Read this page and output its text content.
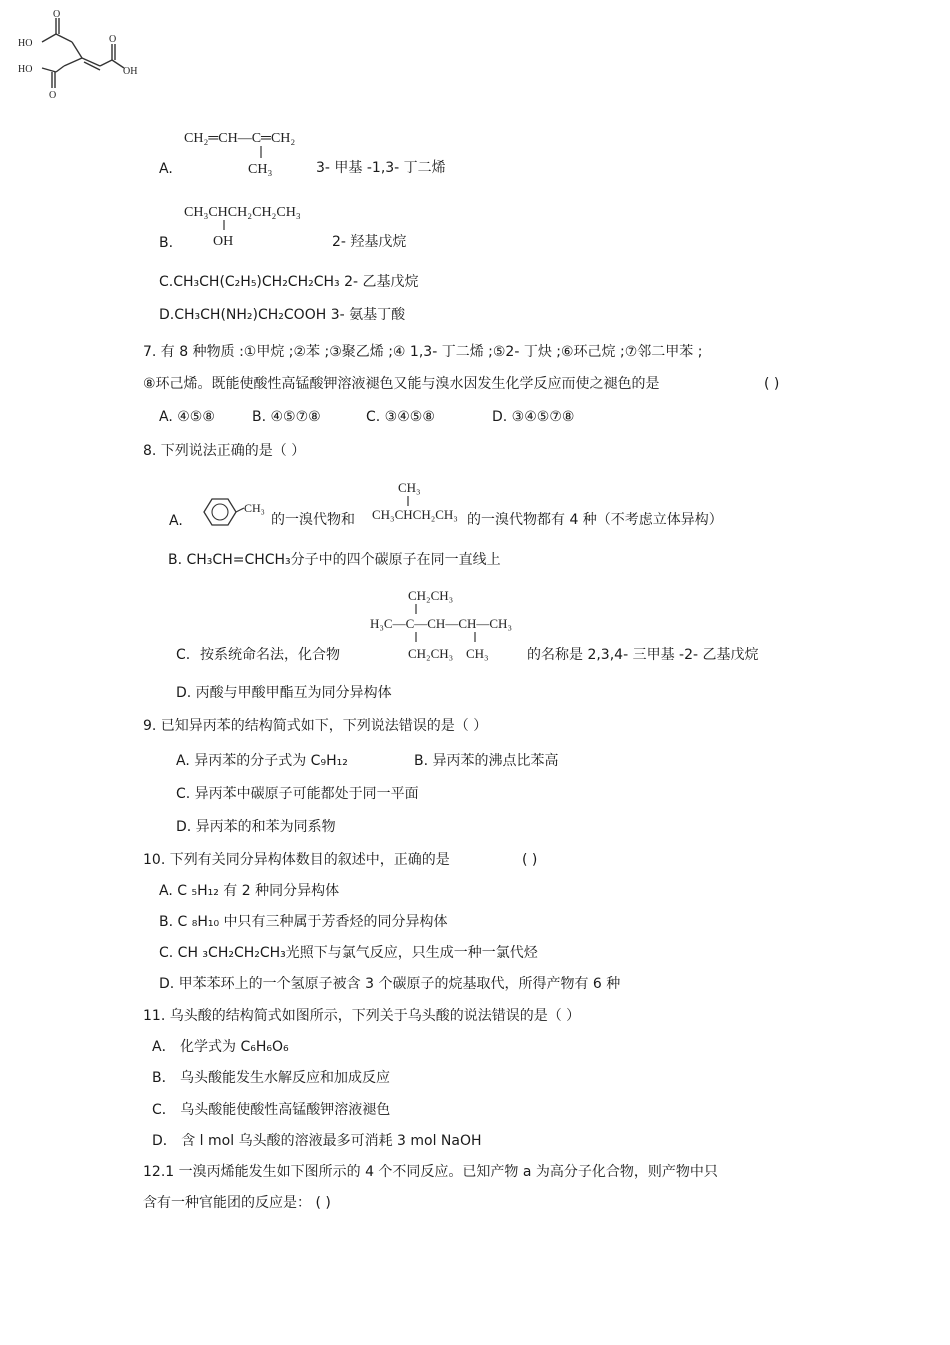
HO
O
HO
O
OH
O
CH₂═CH—C═CH₂
CH₃
A.	3- 甲基 -1,3- 丁二烯
CH₃CHCH₂CH₂CH₃
OH
B.	2- 羟基戊烷
C.CH₃CH(C₂H₅)CH₂CH₂CH₃ 2- 乙基戊烷
D.CH₃CH(NH₂)CH₂COOH 3- 氨基丁酸
7. 有 8 种物质 :①甲烷 ;②苯 ;③聚乙烯 ;④ 1,3- 丁二烯 ;⑤2- 丁炔 ;⑥环己烷 ;⑦邻二甲苯 ;
⑧环己烯。既能使酸性高锰酸钾溶液褪色又能与溴水因发生化学反应而使之褪色的是	( )
A. ④⑤⑧	B. ④⑤⑦⑧	C. ③④⑤⑧	D. ③④⑤⑦⑧
8. 下列说法正确的是（ ）
A.
CH₃
的一溴代物和
CH₃
CH₃CHCH₂CH₃ 的一溴代物都有 4 种（不考虑立体异构）
B. CH₃CH=CHCH₃分子中的四个碳原子在同一直线上
CH₂CH₃
H₃C—C—CH—CH—CH₃
CH₂CH₃ CH₃
C. 按系统命名法，化合物	的名称是 2,3,4- 三甲基 -2- 乙基戊烷
D. 丙酸与甲酸甲酯互为同分异构体
9. 已知异丙苯的结构简式如下，下列说法错误的是（ ）
A. 异丙苯的分子式为 C₉H₁₂	B. 异丙苯的沸点比苯高
C. 异丙苯中碳原子可能都处于同一平面
D. 异丙苯的和苯为同系物
10. 下列有关同分异构体数目的叙述中，正确的是	( )
A. C ₅H₁₂ 有 2 种同分异构体
B. C ₈H₁₀ 中只有三种属于芳香烃的同分异构体
C. CH ₃CH₂CH₂CH₃光照下与氯气反应，只生成一种一氯代烃
D. 甲苯苯环上的一个氢原子被含 3 个碳原子的烷基取代，所得产物有 6 种
11. 乌头酸的结构简式如图所示，下列关于乌头酸的说法错误的是（ ）
A． 化学式为 C₆H₆O₆
B． 乌头酸能发生水解反应和加成反应
C． 乌头酸能使酸性高锰酸钾溶液褪色
D． 含 l mol 乌头酸的溶液最多可消耗 3 mol NaOH
12.1 一溴丙烯能发生如下图所示的 4 个不同反应。已知产物 a 为高分子化合物，则产物中只
含有一种官能团的反应是： ( )
